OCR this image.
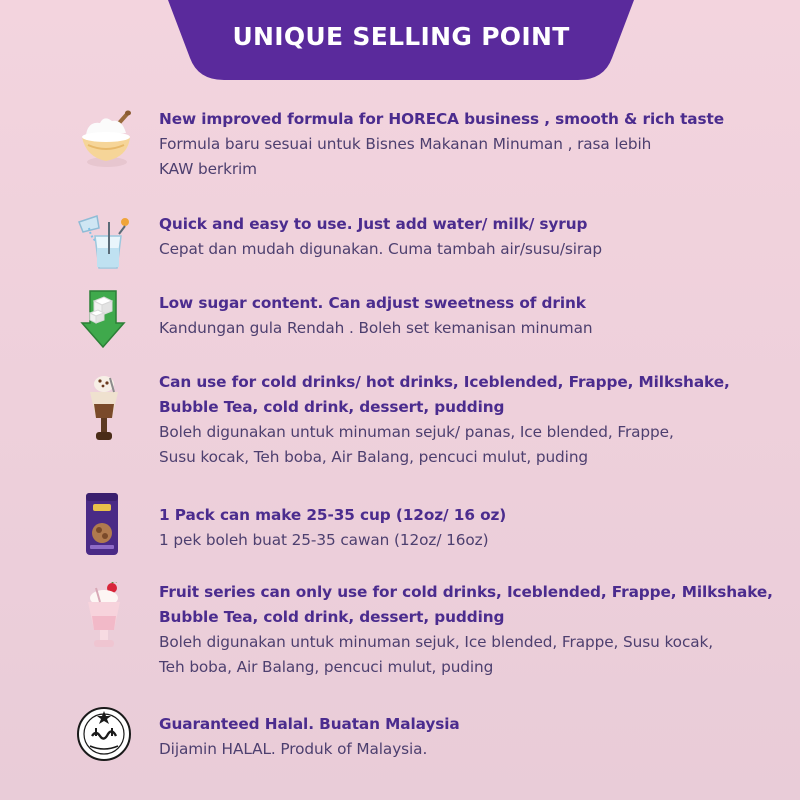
UNIQUE SELLING POINT

New improved formula for HORECA business , smooth & rich taste

Formula baru sesuai untuk Bisnes Makanan Minuman , rasa lebih

KAW berkrim

Quick and easy to use. Just add water/ milk/ syrup

Cepat dan mudah digunakan. Cuma tambah air/susu/sirap

Low sugar content. Can adjust sweetness of drink

Kandungan gula Rendah . Boleh set kemanisan minuman

Can use for cold drinks/ hot drinks, Iceblended, Frappe, Milkshake,

Bubble Tea, cold drink, dessert, pudding

Boleh digunakan untuk minuman sejuk/ panas, Ice blended, Frappe,

Susu kocak, Teh boba, Air Balang, pencuci mulut, puding

1 Pack can make 25-35 cup (12oz/ 16 oz)

1 pek boleh buat 25-35 cawan (12oz/ 16oz)

Fruit series can only use for cold drinks, Iceblended, Frappe, Milkshake,

Bubble Tea, cold drink, dessert, pudding

Boleh digunakan untuk minuman sejuk, Ice blended, Frappe, Susu kocak,

Teh boba, Air Balang, pencuci mulut, puding

Guaranteed Halal. Buatan Malaysia

Dijamin HALAL. Produk of Malaysia.
